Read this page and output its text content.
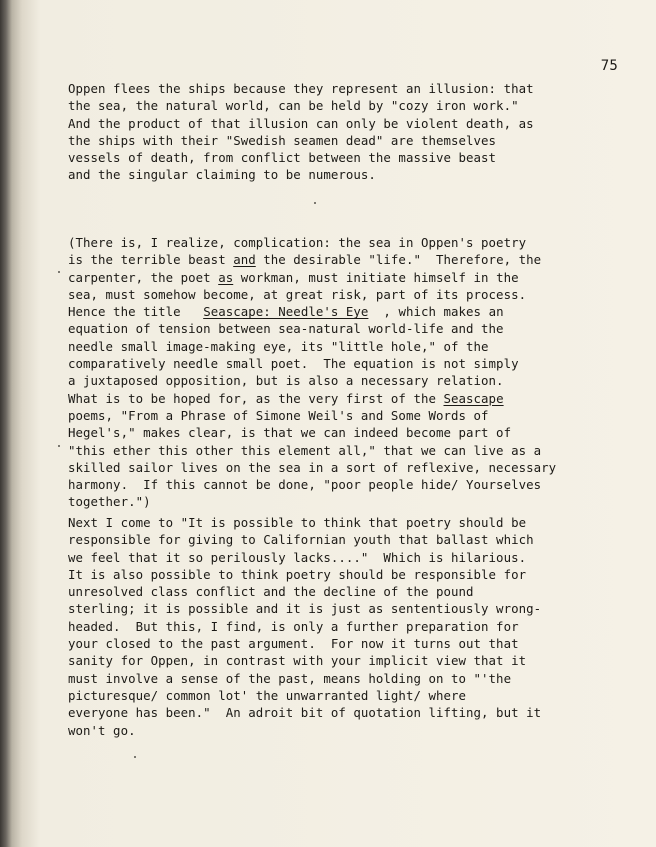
75
Oppen flees the ships because they represent an illusion: that
the sea, the natural world, can be held by "cozy iron work."
And the product of that illusion can only be violent death, as
the ships with their "Swedish seamen dead" are themselves
vessels of death, from conflict between the massive beast
and the singular claiming to be numerous.
(There is, I realize, complication: the sea in Oppen's poetry
is the terrible beast and the desirable "life."  Therefore, the
carpenter, the poet as workman, must initiate himself in the
sea, must somehow become, at great risk, part of its process.
Hence the title   Seascape: Needle's Eye  , which makes an
equation of tension between sea-natural world-life and the
needle small image-making eye, its "little hole," of the
comparatively needle small poet.  The equation is not simply
a juxtaposed opposition, but is also a necessary relation.
What is to be hoped for, as the very first of the Seascape
poems, "From a Phrase of Simone Weil's and Some Words of
Hegel's," makes clear, is that we can indeed become part of
"this ether this other this element all," that we can live as a
skilled sailor lives on the sea in a sort of reflexive, necessary
harmony.  If this cannot be done, "poor people hide/ Yourselves
together.")
Next I come to "It is possible to think that poetry should be
responsible for giving to Californian youth that ballast which
we feel that it so perilously lacks...."  Which is hilarious.
It is also possible to think poetry should be responsible for
unresolved class conflict and the decline of the pound
sterling; it is possible and it is just as sententiously wrong-
headed.  But this, I find, is only a further preparation for
your closed to the past argument.  For now it turns out that
sanity for Oppen, in contrast with your implicit view that it
must involve a sense of the past, means holding on to "'the
picturesque/ common lot' the unwarranted light/ where
everyone has been."  An adroit bit of quotation lifting, but it
won't go.
